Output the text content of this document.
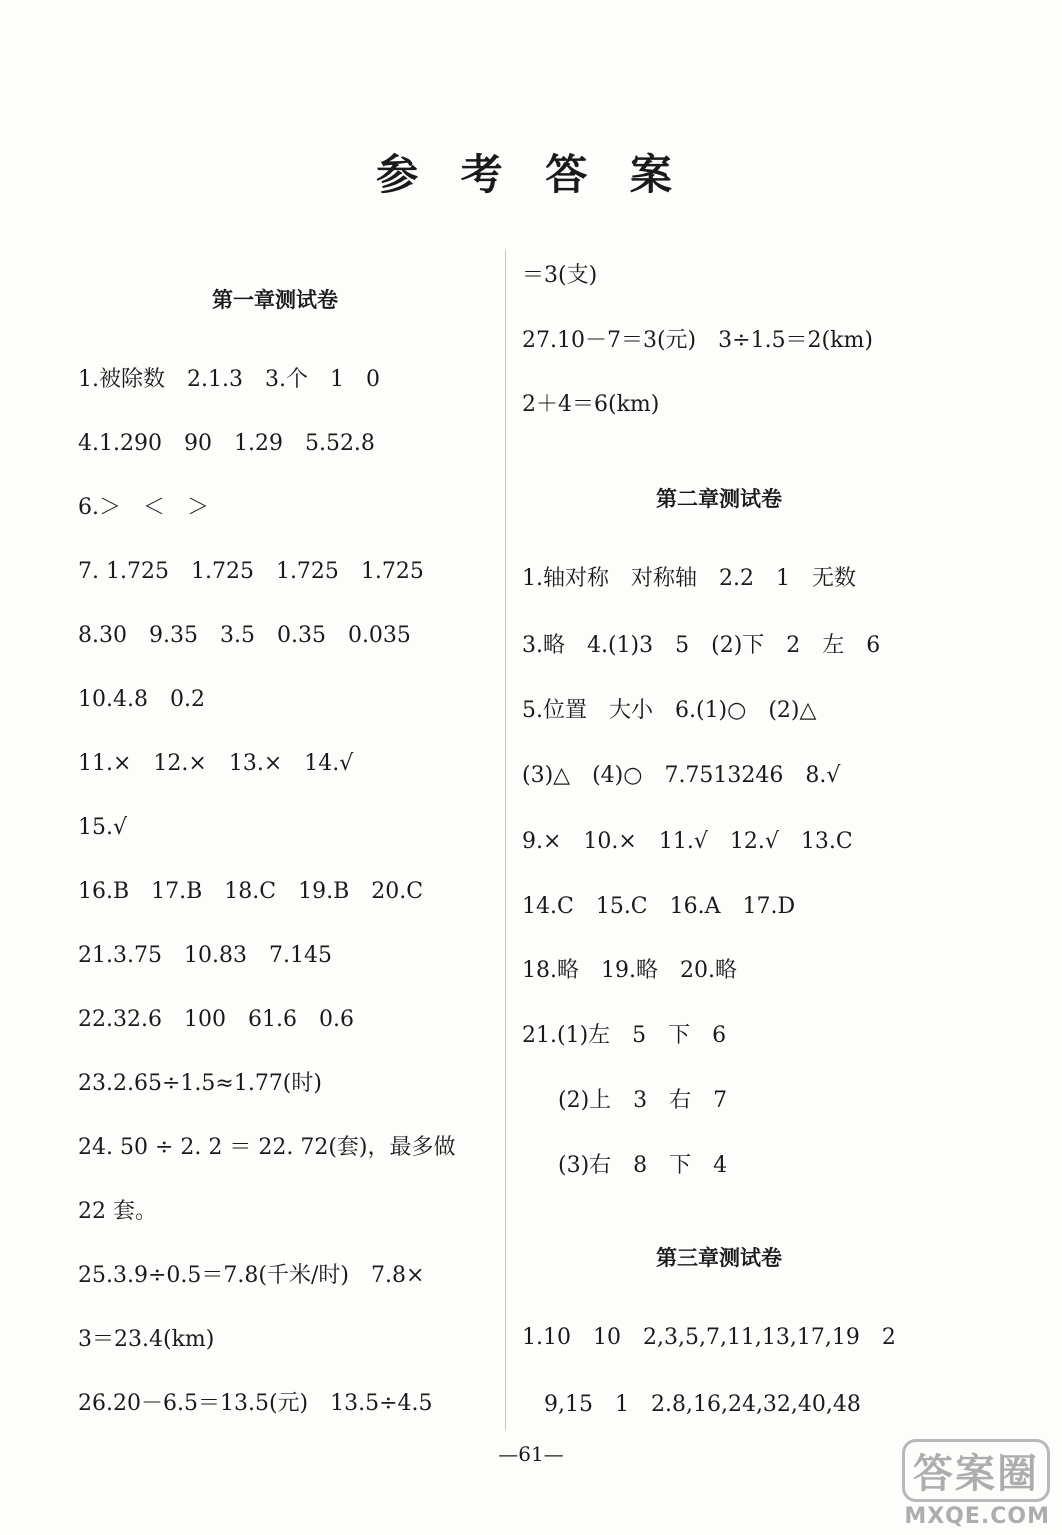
参 考 答 案
第一章测试卷
1.被除数　2.1.3　3.个　1　0
4.1.290　90　1.29　5.52.8
6.＞　＜　＞
7. 1.725　1.725　1.725　1.725
8.30　9.35　3.5　0.35　0.035
10.4.8　0.2
11.×　12.×　13.×　14.√
15.√
16.B　17.B　18.C　19.B　20.C
21.3.75　10.83　7.145
22.32.6　100　61.6　0.6
23.2.65÷1.5≈1.77(时)
24. 50 ÷ 2. 2 ＝ 22. 72(套)，最多做
22 套。
25.3.9÷0.5＝7.8(千米/时)　7.8×
3＝23.4(km)
26.20－6.5＝13.5(元)　13.5÷4.5
＝3(支)
27.10－7＝3(元)　3÷1.5＝2(km)
2＋4＝6(km)
第二章测试卷
1.轴对称　对称轴　2.2　1　无数
3.略　4.(1)3　5　(2)下　2　左　6
5.位置　大小　6.(1)○　(2)△
(3)△　(4)○　7.7513246　8.√
9.×　10.×　11.√　12.√　13.C
14.C　15.C　16.A　17.D
18.略　19.略　20.略
21.(1)左　5　下　6
(2)上　3　右　7
(3)右　8　下　4
第三章测试卷
1.10　10　2,3,5,7,11,13,17,19　2
9,15　1　2.8,16,24,32,40,48
—61—	答案圈
MXQE.COM
